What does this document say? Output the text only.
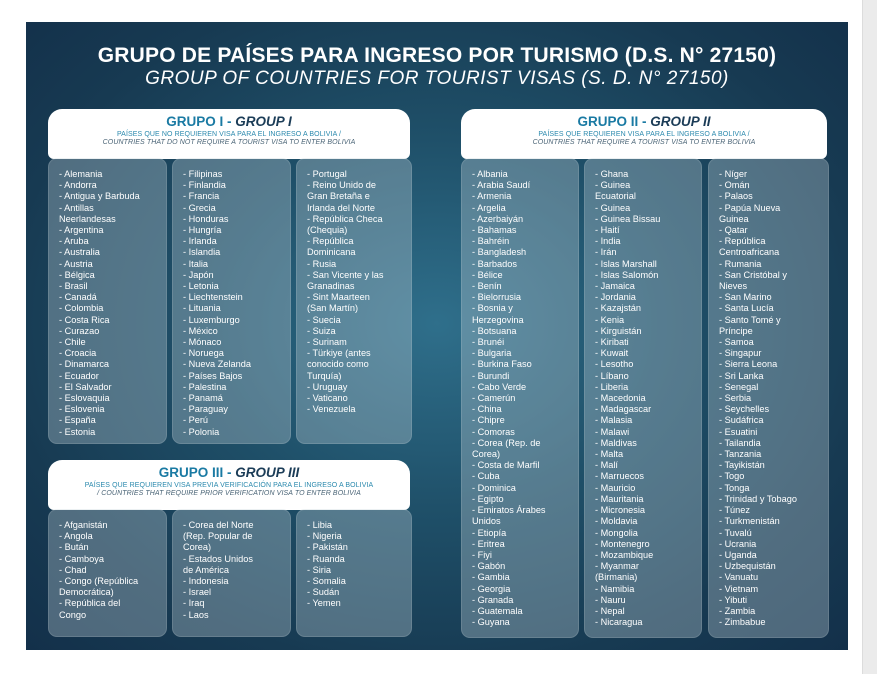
GRUPO DE PAÍSES PARA INGRESO POR TURISMO (D.S. N° 27150)
GROUP OF COUNTRIES FOR TOURIST VISAS (S. D. N° 27150)
GRUPO I - GROUP I
PAÍSES QUE NO REQUIEREN VISA PARA EL INGRESO A BOLIVIA /
COUNTRIES THAT DO NOT REQUIRE A TOURIST VISA TO ENTER BOLIVIA
- Alemania
- Andorra
- Antigua y Barbuda
- Antillas
Neerlandesas
- Argentina
- Aruba
- Australia
- Austria
- Bélgica
- Brasil
- Canadá
- Colombia
- Costa Rica
- Curazao
- Chile
- Croacia
- Dinamarca
- Ecuador
- El Salvador
- Eslovaquia
- Eslovenia
- España
- Estonia
- Filipinas
- Finlandia
- Francia
- Grecia
- Honduras
- Hungría
- Irlanda
- Islandia
- Italia
- Japón
- Letonia
- Liechtenstein
- Lituania
- Luxemburgo
- México
- Mónaco
- Noruega
- Nueva Zelanda
- Países Bajos
- Palestina
- Panamá
- Paraguay
- Perú
- Polonia
- Portugal
- Reino Unido de
Gran Bretaña e
Irlanda del Norte
- República Checa
(Chequia)
- República
Dominicana
- Rusia
- San Vicente y las
Granadinas
- Sint Maarteen
(San Martín)
- Suecia
- Suiza
- Surinam
- Türkiye (antes
conocido como
Turquía)
- Uruguay
- Vaticano
- Venezuela
GRUPO III - GROUP III
PAÍSES QUE REQUIEREN VISA PREVIA VERIFICACIÓN PARA EL INGRESO A BOLIVIA
/ COUNTRIES THAT REQUIRE PRIOR VERIFICATION VISA TO ENTER BOLIVIA
- Afganistán
- Angola
- Bután
- Camboya
- Chad
- Congo (República
Democrática)
- República del
Congo
- Corea del Norte
(Rep. Popular de
Corea)
- Estados Unidos
de América
- Indonesia
- Israel
- Iraq
- Laos
- Libia
- Nigeria
- Pakistán
- Ruanda
- Siria
- Somalia
- Sudán
- Yemen
GRUPO II - GROUP II
PAÍSES QUE REQUIEREN VISA PARA EL INGRESO A BOLIVIA /
COUNTRIES THAT REQUIRE A TOURIST VISA TO ENTER BOLIVIA
- Albania
- Arabia Saudí
- Armenia
- Argelia
- Azerbaiyán
- Bahamas
- Bahréin
- Bangladesh
- Barbados
- Bélice
- Benín
- Bielorrusia
- Bosnia y
Herzegovina
- Botsuana
- Brunéi
- Bulgaria
- Burkina Faso
- Burundi
- Cabo Verde
- Camerún
- China
- Chipre
- Comoras
- Corea (Rep. de
Corea)
- Costa de Marfil
- Cuba
- Dominica
- Egipto
- Emiratos Árabes
Unidos
- Etiopía
- Eritrea
- Fiyi
- Gabón
- Gambia
- Georgia
- Granada
- Guatemala
- Guyana
- Ghana
- Guinea
Ecuatorial
- Guinea
- Guinea Bissau
- Haití
- India
- Irán
- Islas Marshall
- Islas Salomón
- Jamaica
- Jordania
- Kazajstán
- Kenia
- Kirguistán
- Kiribati
- Kuwait
- Lesotho
- Líbano
- Liberia
- Macedonia
- Madagascar
- Malasia
- Malawi
- Maldivas
- Malta
- Malí
- Marruecos
- Mauricio
- Mauritania
- Micronesia
- Moldavia
- Mongolia
- Montenegro
- Mozambique
- Myanmar
(Birmania)
- Namibia
- Nauru
- Nepal
- Nicaragua
- Níger
- Omán
- Palaos
- Papúa Nueva
Guinea
- Qatar
- República
Centroafricana
- Rumania
- San Cristóbal y
Nieves
- San Marino
- Santa Lucía
- Santo Tomé y
Príncipe
- Samoa
- Singapur
- Sierra Leona
- Sri Lanka
- Senegal
- Serbia
- Seychelles
- Sudáfrica
- Esuatini
- Tailandia
- Tanzania
- Tayikistán
- Togo
- Tonga
- Trinidad y Tobago
- Túnez
- Turkmenistán
- Tuvalú
- Ucrania
- Uganda
- Uzbequistán
- Vanuatu
- Vietnam
- Yibuti
- Zambia
- Zimbabue
